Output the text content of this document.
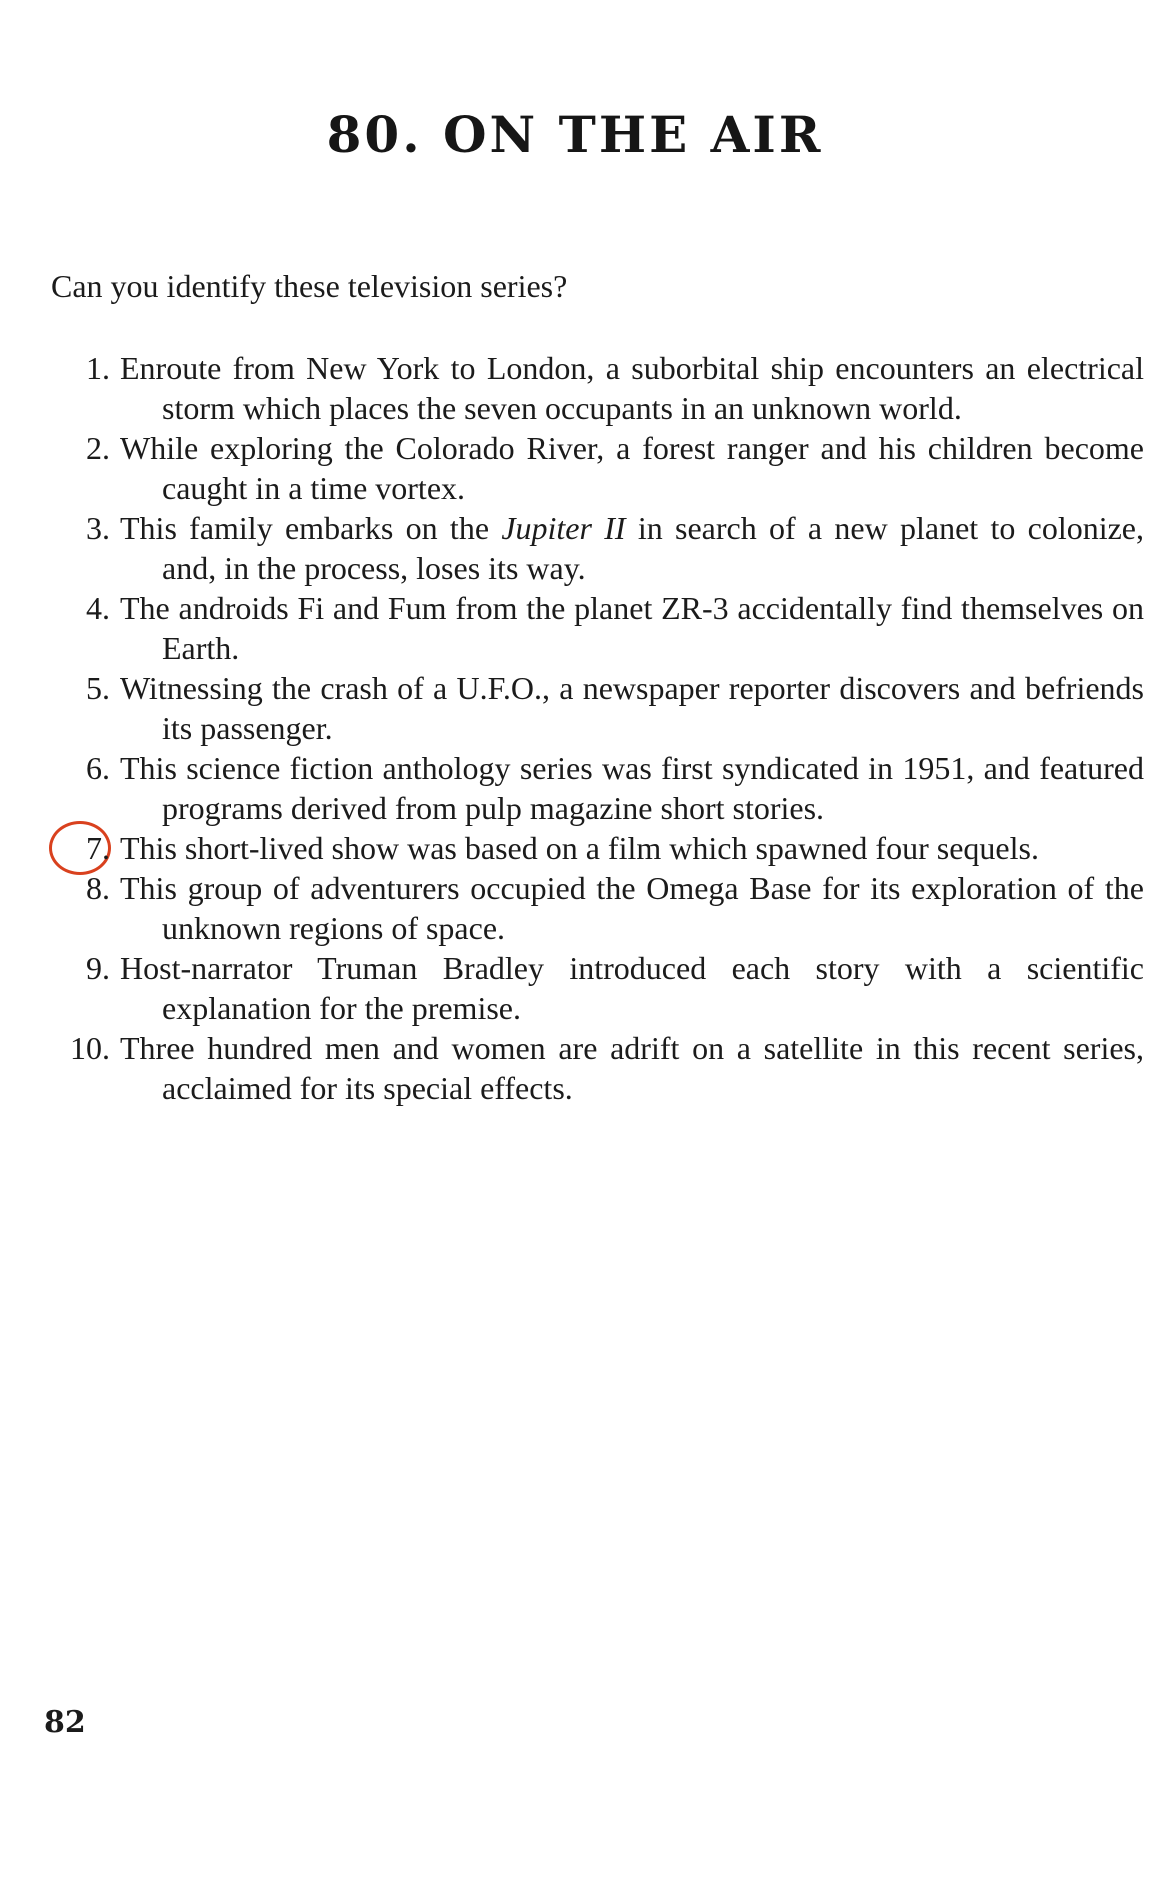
80. ON THE AIR

Can you identify these television series?

1. Enroute from New York to London, a suborbital ship encounters an electrical storm which places the seven occupants in an unknown world.
2. While exploring the Colorado River, a forest ranger and his children become caught in a time vortex.
3. This family embarks on the Jupiter II in search of a new planet to colonize, and, in the process, loses its way.
4. The androids Fi and Fum from the planet ZR-3 accidentally find themselves on Earth.
5. Witnessing the crash of a U.F.O., a newspaper reporter discovers and befriends its passenger.
6. This science fiction anthology series was first syndicated in 1951, and featured programs derived from pulp magazine short stories.
7. This short-lived show was based on a film which spawned four sequels.
8. This group of adventurers occupied the Omega Base for its exploration of the unknown regions of space.
9. Host-narrator Truman Bradley introduced each story with a scientific explanation for the premise.
10. Three hundred men and women are adrift on a satellite in this recent series, acclaimed for its special effects.

82
